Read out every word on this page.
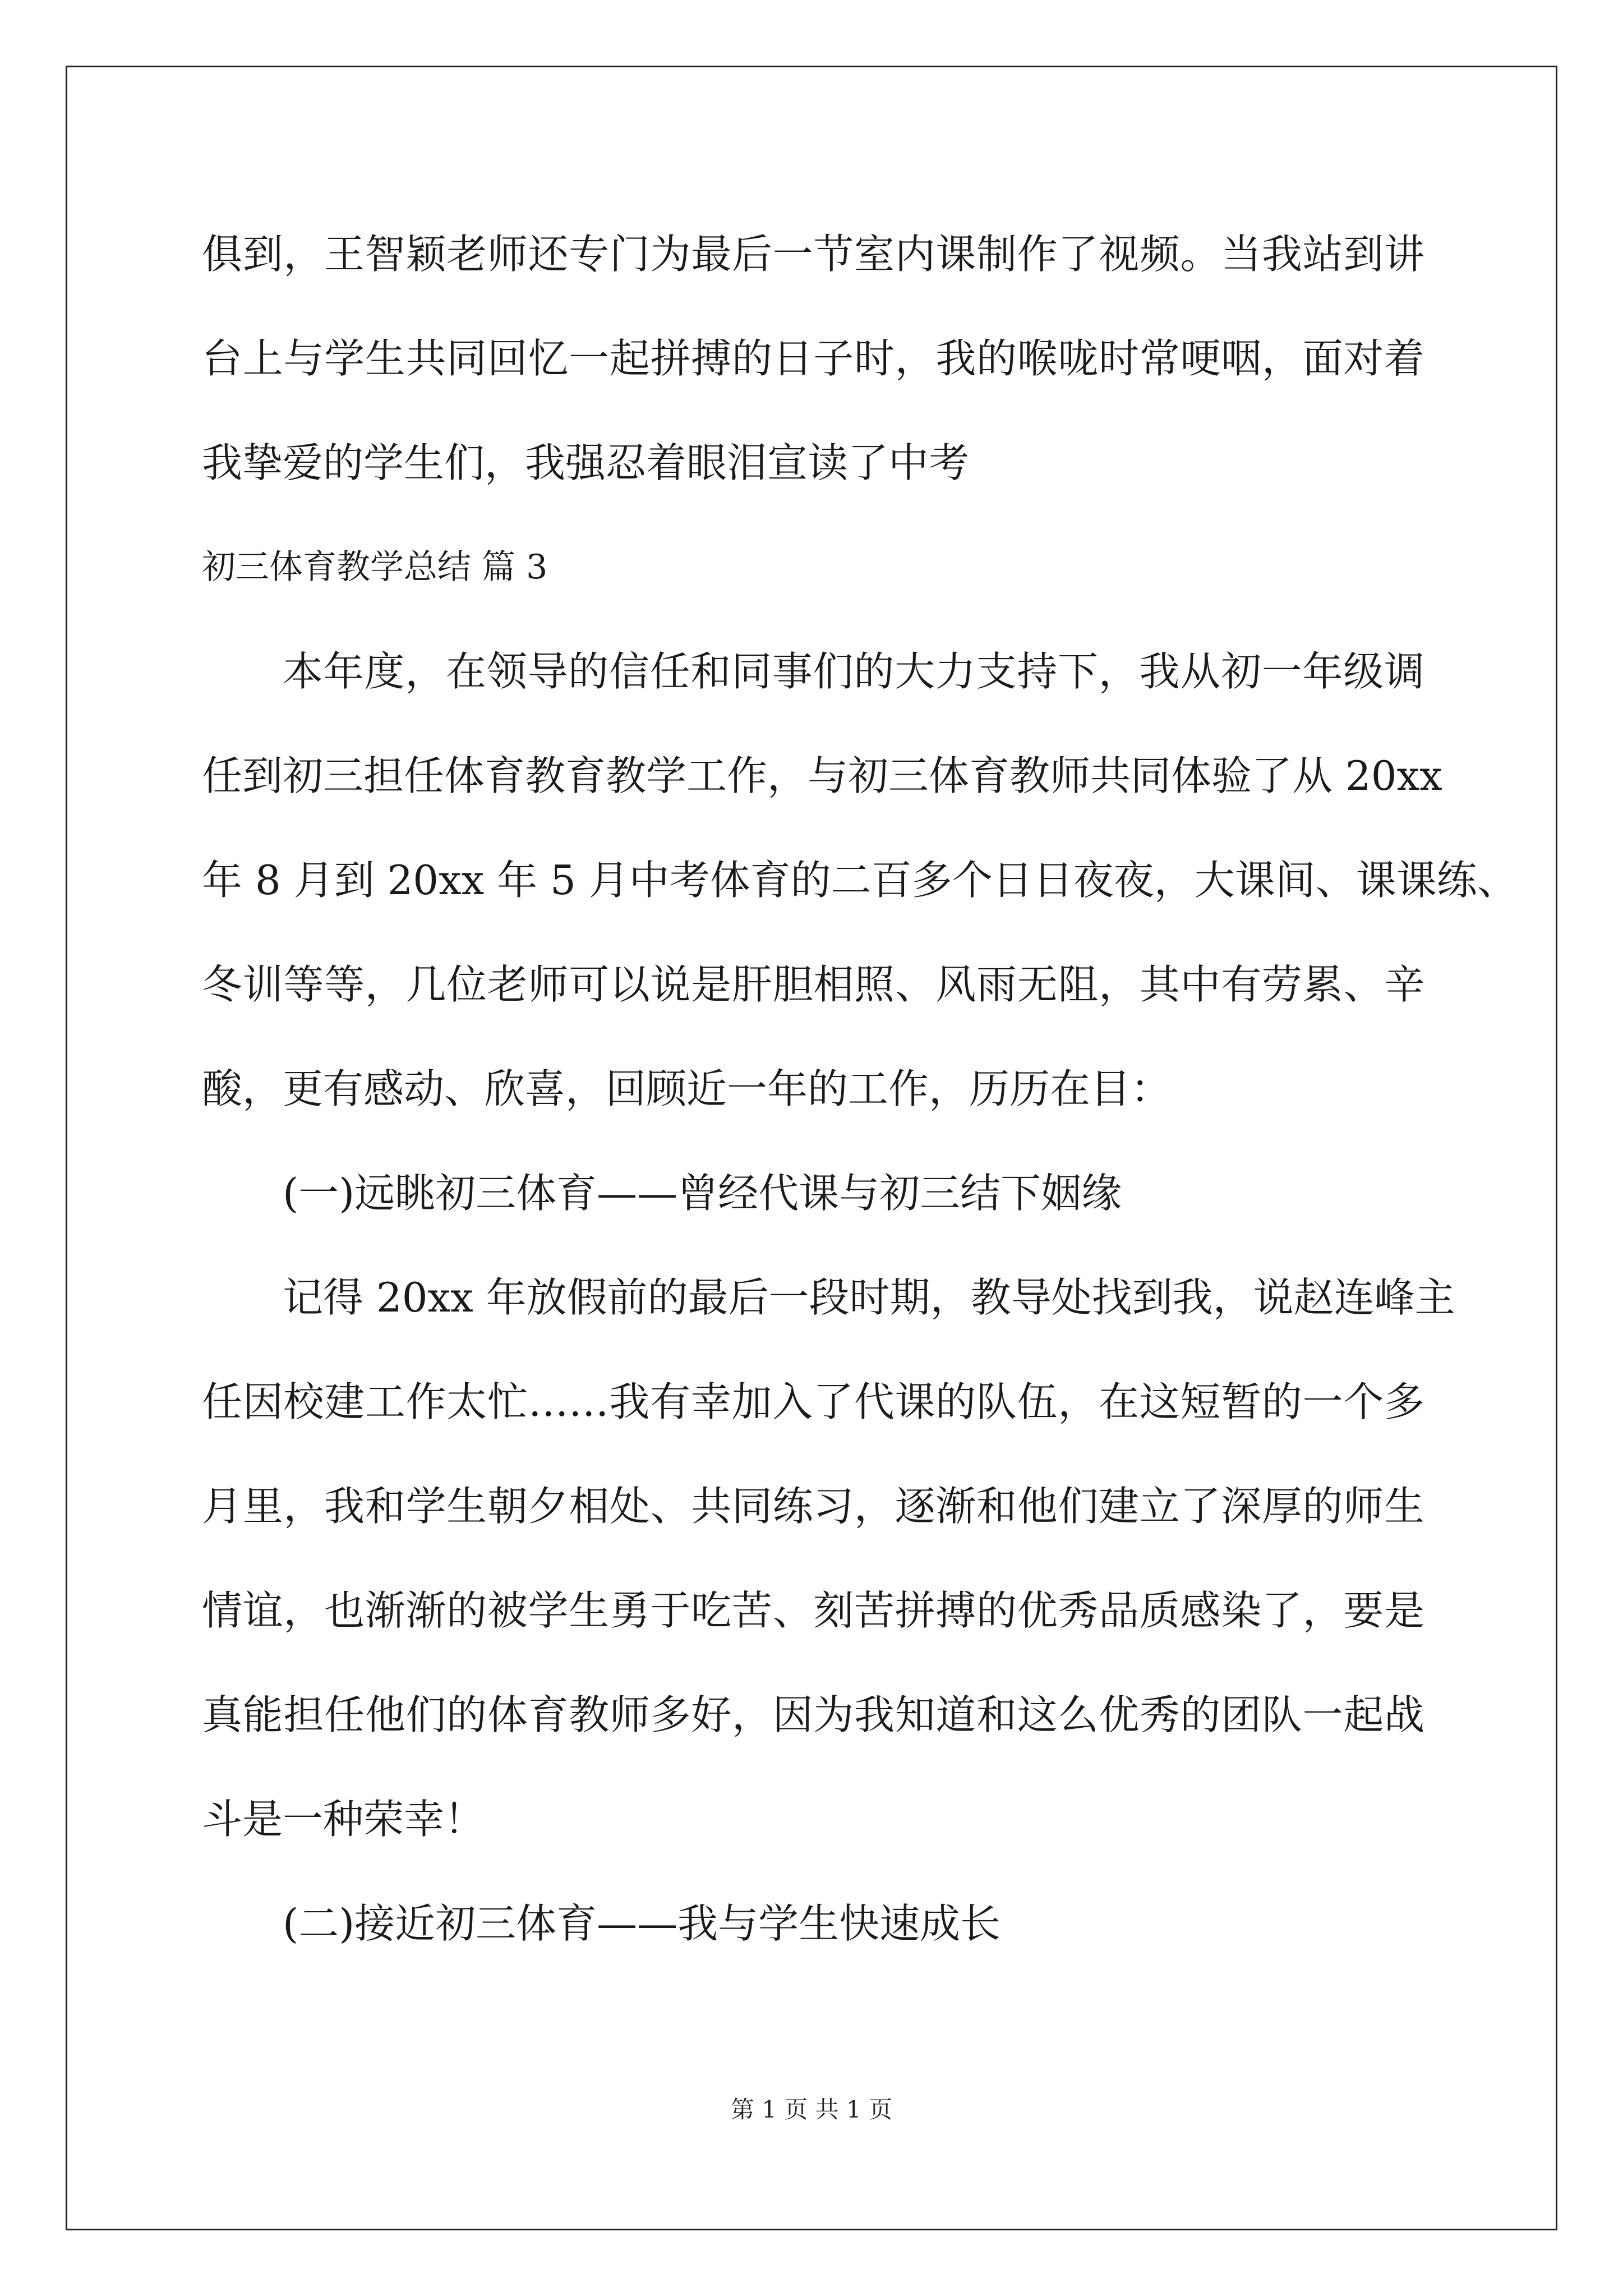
俱到，王智颖老师还专门为最后一节室内课制作了视频。当我站到讲
台上与学生共同回忆一起拼搏的日子时，我的喉咙时常哽咽，面对着
我挚爱的学生们，我强忍着眼泪宣读了中考
初三体育教学总结 篇 3
本年度，在领导的信任和同事们的大力支持下，我从初一年级调
任到初三担任体育教育教学工作，与初三体育教师共同体验了从 20xx
年 8 月到 20xx 年 5 月中考体育的二百多个日日夜夜，大课间、课课练、
冬训等等，几位老师可以说是肝胆相照、风雨无阻，其中有劳累、辛
酸，更有感动、欣喜，回顾近一年的工作，历历在目：
(一)远眺初三体育——曾经代课与初三结下姻缘
记得 20xx 年放假前的最后一段时期，教导处找到我，说赵连峰主
任因校建工作太忙……我有幸加入了代课的队伍，在这短暂的一个多
月里，我和学生朝夕相处、共同练习，逐渐和他们建立了深厚的师生
情谊，也渐渐的被学生勇于吃苦、刻苦拼搏的优秀品质感染了，要是
真能担任他们的体育教师多好，因为我知道和这么优秀的团队一起战
斗是一种荣幸！
(二)接近初三体育——我与学生快速成长
第 1 页 共 1 页
